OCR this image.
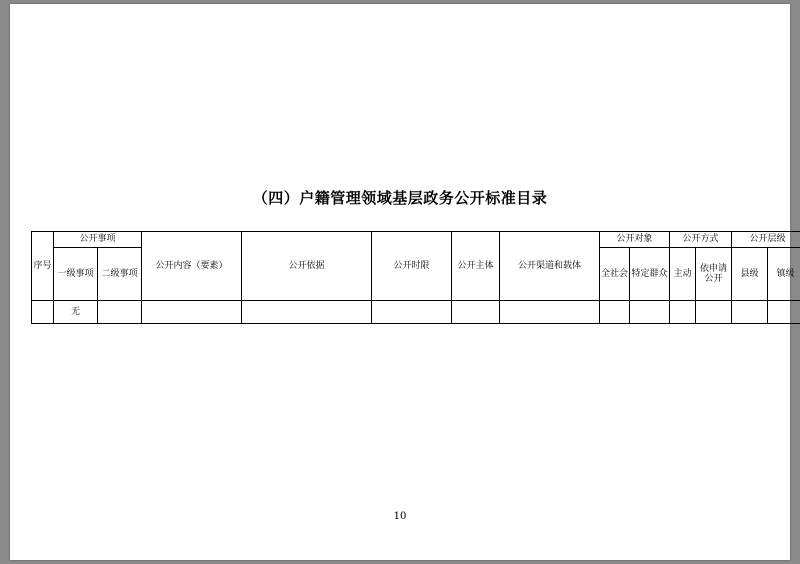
（四）户籍管理领域基层政务公开标准目录
序号	公开事项		公开内容（要素）	公开依据	公开时限	公开主体	公开渠道和载体	公开对象		公开方式		公开层级	
	一级事项	二级事项						全社会	特定群众	主动	依申请公开	县级	镇级
	无												
10
